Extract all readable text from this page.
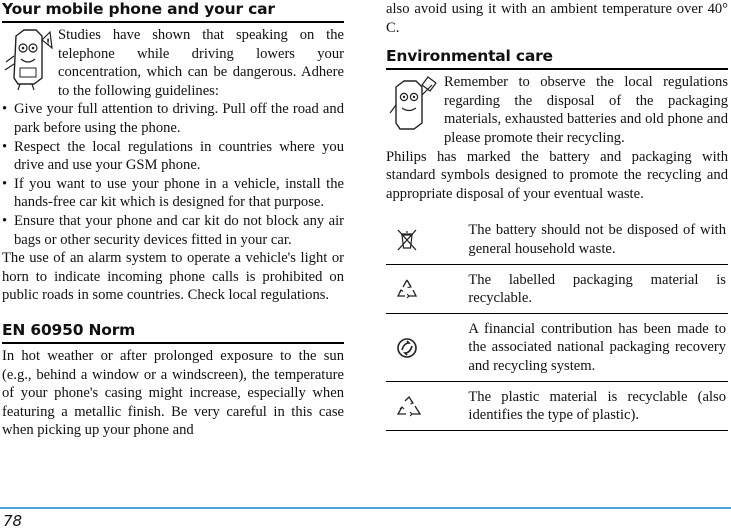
Your mobile phone and your car
! Studies have shown that speaking on the telephone while driving lowers your concentration, which can be dangerous. Adhere to the following guidelines:

• Give your full attention to driving. Pull off the road and park before using the phone.

• Respect the local regulations in countries where you drive and use your GSM phone.

• If you want to use your phone in a vehicle, install the hands-free car kit which is designed for that purpose.

• Ensure that your phone and car kit do not block any air bags or other security devices fitted in your car.

The use of an alarm system to operate a vehicle's light or horn to indicate incoming phone calls is prohibited on public roads in some countries. Check local regulations.

EN 60950 Norm

In hot weather or after prolonged exposure to the sun (e.g., behind a window or a windscreen), the temperature of your phone's casing might increase, especially when featuring a metallic finish. Be very careful in this case when picking up your phone and

also avoid using it with an ambient temperature over 40° C.

Environmental care

Remember to observe the local regulations regarding the disposal of the packaging materials, exhausted batteries and old phone and please promote their recycling.

Philips has marked the battery and packaging with standard symbols designed to promote the recycling and appropriate disposal of your eventual waste.

The battery should not be disposed of with general household waste.

The labelled packaging material is recyclable.

A financial contribution has been made to the associated national packaging recovery and recycling system.

The plastic material is recyclable (also identifies the type of plastic).

78
